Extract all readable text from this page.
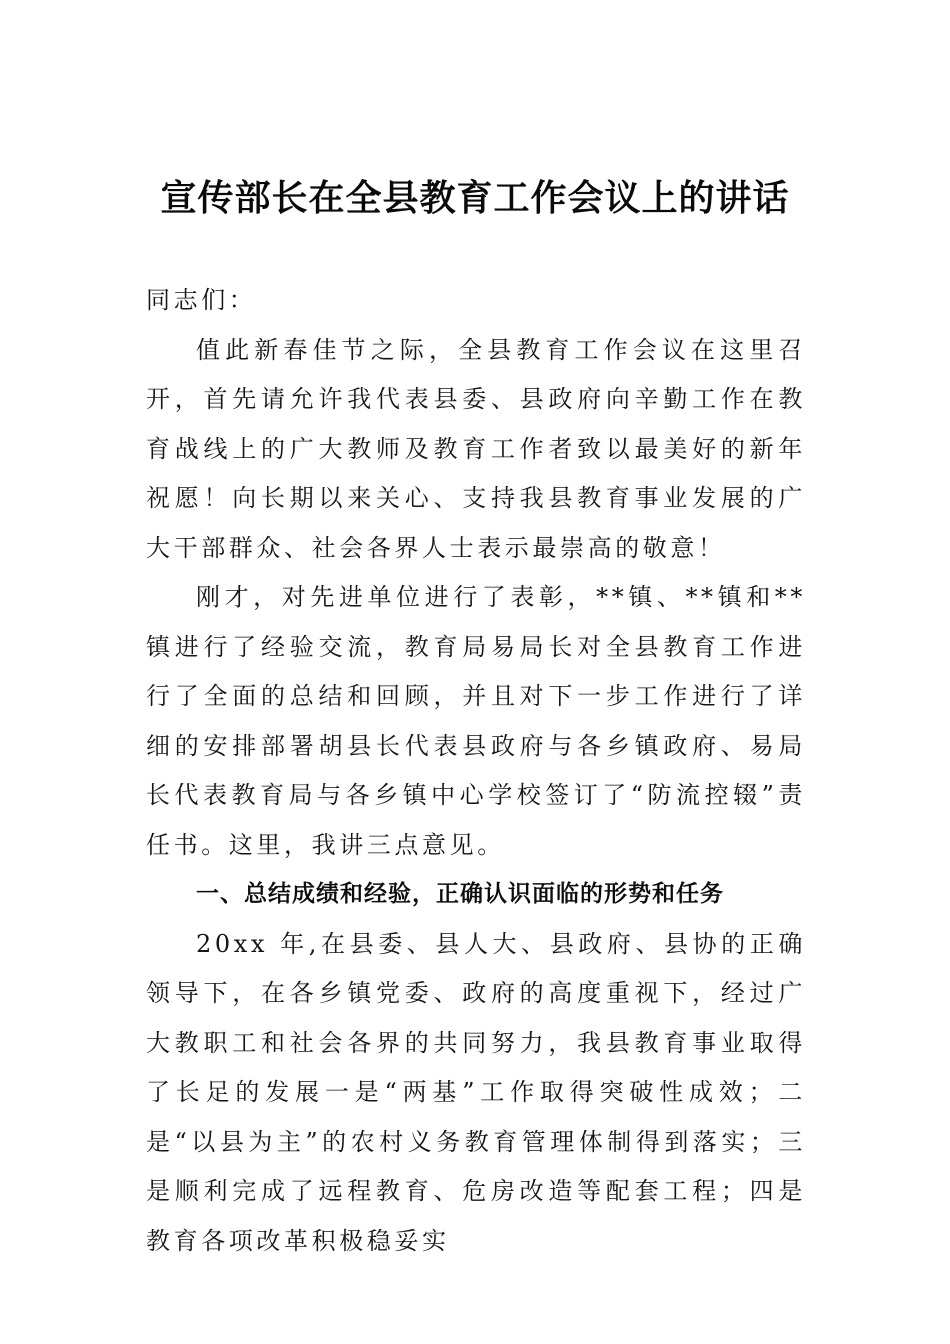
宣传部长在全县教育工作会议上的讲话

同志们：

值此新春佳节之际，全县教育工作会议在这里召开，首先请允许我代表县委、县政府向辛勤工作在教育战线上的广大教师及教育工作者致以最美好的新年祝愿！向长期以来关心、支持我县教育事业发展的广大干部群众、社会各界人士表示最崇高的敬意！

刚才，对先进单位进行了表彰，**镇、**镇和**镇进行了经验交流，教育局易局长对全县教育工作进行了全面的总结和回顾，并且对下一步工作进行了详细的安排部署胡县长代表县政府与各乡镇政府、易局长代表教育局与各乡镇中心学校签订了“防流控辍”责任书。这里，我讲三点意见。

一、总结成绩和经验，正确认识面临的形势和任务

20xx 年,在县委、县人大、县政府、县协的正确领导下，在各乡镇党委、政府的高度重视下，经过广大教职工和社会各界的共同努力，我县教育事业取得了长足的发展一是“两基”工作取得突破性成效；二是“以县为主”的农村义务教育管理体制得到落实；三是顺利完成了远程教育、危房改造等配套工程；四是教育各项改革积极稳妥实
